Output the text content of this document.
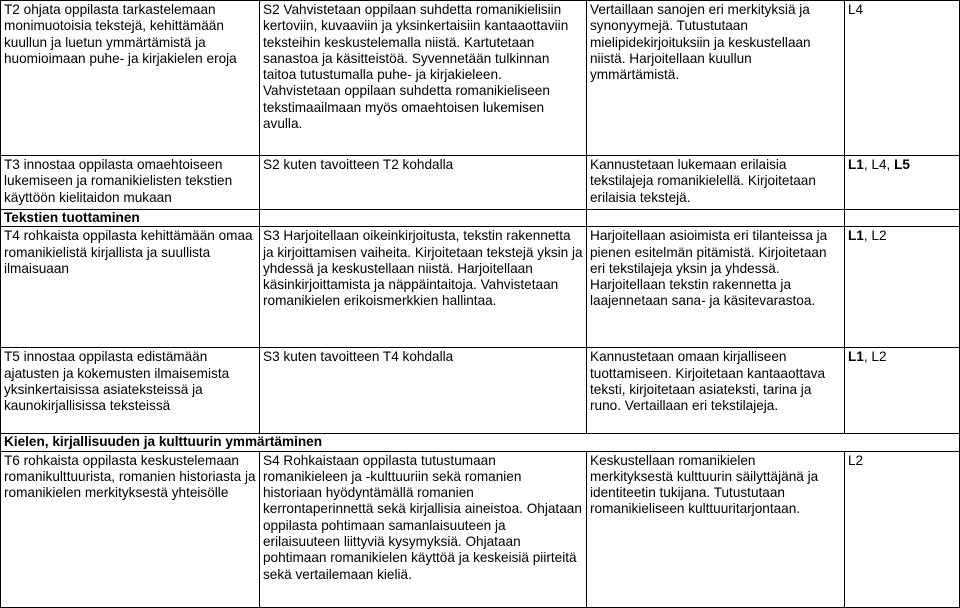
T2 ohjata oppilasta tarkastelemaan monimuotoisia tekstejä, kehittämään kuullun ja luetun ymmärtämistä ja huomioimaan puhe- ja kirjakielen eroja	S2 Vahvistetaan oppilaan suhdetta romanikielisiin kertoviin, kuvaaviin ja yksinkertaisiin kantaaottaviin teksteihin keskustelemalla niistä. Kartutetaan sanastoa ja käsitteistöä. Syvennetään tulkinnan taitoa tutustumalla puhe- ja kirjakieleen. Vahvistetaan oppilaan suhdetta romanikieliseen tekstimaailmaan myös omaehtoisen lukemisen avulla.	Vertaillaan sanojen eri merkityksiä ja synonyymejä. Tutustutaan mielipidekirjoituksiin ja keskustellaan niistä. Harjoitellaan kuullun ymmärtämistä.	L4
T3 innostaa oppilasta omaehtoiseen lukemiseen ja romanikielisten tekstien käyttöön kielitaidon mukaan	S2 kuten tavoitteen T2 kohdalla	Kannustetaan lukemaan erilaisia tekstilajeja romanikielellä. Kirjoitetaan erilaisia tekstejä.	L1, L4, L5
Tekstien tuottaminen			
T4 rohkaista oppilasta kehittämään omaa romanikielistä kirjallista ja suullista ilmaisuaan	S3 Harjoitellaan oikeinkirjoitusta, tekstin rakennetta ja kirjoittamisen vaiheita. Kirjoitetaan tekstejä yksin ja yhdessä ja keskustellaan niistä. Harjoitellaan käsinkirjoittamista ja näppäintaitoja. Vahvistetaan romanikielen erikoismerkkien hallintaa.	Harjoitellaan asioimista eri tilanteissa ja pienen esitelmän pitämistä. Kirjoitetaan eri tekstilajeja yksin ja yhdessä. Harjoitellaan tekstin rakennetta ja laajennetaan sana- ja käsitevarastoa.	L1, L2
T5 innostaa oppilasta edistämään ajatusten ja kokemusten ilmaisemista yksinkertaisissa asiateksteissä ja kaunokirjallisissa teksteissä	S3 kuten tavoitteen T4 kohdalla	Kannustetaan omaan kirjalliseen tuottamiseen. Kirjoitetaan kantaaottava teksti, kirjoitetaan asiateksti, tarina ja runo. Vertaillaan eri tekstilajeja.	L1, L2
Kielen, kirjallisuuden ja kulttuurin ymmärtäminen			
T6 rohkaista oppilasta keskustelemaan romanikulttuurista, romanien historiasta ja romanikielen merkityksestä yhteisölle	S4 Rohkaistaan oppilasta tutustumaan romanikieleen ja -kulttuuriin sekä romanien historiaan hyödyntämällä romanien kerrontaperinnettä sekä kirjallisia aineistoa. Ohjataan oppilasta pohtimaan samanlaisuuteen ja erilaisuuteen liittyviä kysymyksiä. Ohjataan pohtimaan romanikielen käyttöä ja keskeisiä piirteitä sekä vertailemaan kieliä.	Keskustellaan romanikielen merkityksestä kulttuurin säilyttäjänä ja identiteetin tukijana. Tutustutaan romanikieliseen kulttuuritarjontaan.	L2
